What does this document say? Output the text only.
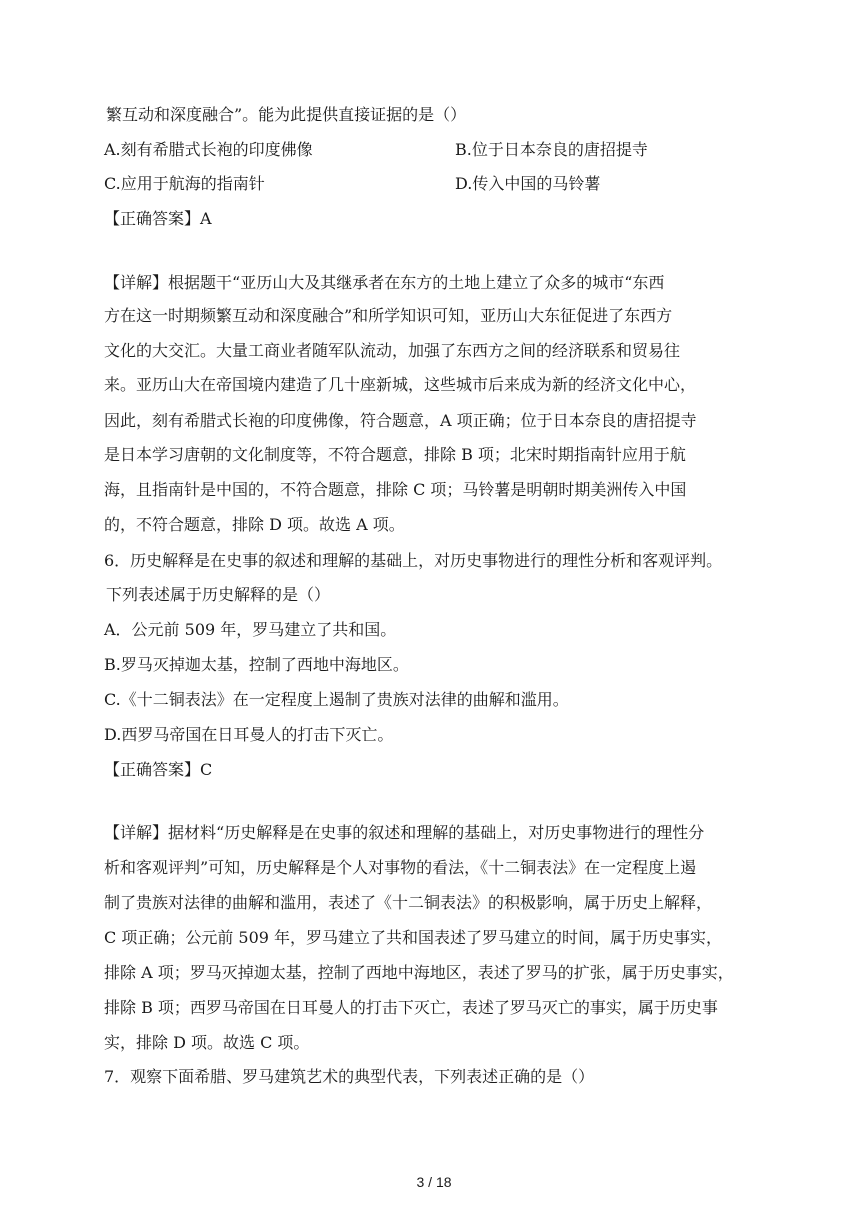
繁互动和深度融合”。能为此提供直接证据的是（）
A.刻有希腊式长袍的印度佛像	B.位于日本奈良的唐招提寺
C.应用于航海的指南针	D.传入中国的马铃薯
【正确答案】A
【详解】根据题干“亚历山大及其继承者在东方的土地上建立了众多的城市“东西
方在这一时期频繁互动和深度融合”和所学知识可知，亚历山大东征促进了东西方
文化的大交汇。大量工商业者随军队流动，加强了东西方之间的经济联系和贸易往
来。亚历山大在帝国境内建造了几十座新城，这些城市后来成为新的经济文化中心，
因此，刻有希腊式长袍的印度佛像，符合题意，A 项正确；位于日本奈良的唐招提寺
是日本学习唐朝的文化制度等，不符合题意，排除 B 项；北宋时期指南针应用于航
海，且指南针是中国的，不符合题意，排除 C 项；马铃薯是明朝时期美洲传入中国
的，不符合题意，排除 D 项。故选 A 项。
6．历史解释是在史事的叙述和理解的基础上，对历史事物进行的理性分析和客观评判。
下列表述属于历史解释的是（）
A．公元前 509 年，罗马建立了共和国。
B.罗马灭掉迦太基，控制了西地中海地区。
C.《十二铜表法》在一定程度上遏制了贵族对法律的曲解和滥用。
D.西罗马帝国在日耳曼人的打击下灭亡。
【正确答案】C
【详解】据材料“历史解释是在史事的叙述和理解的基础上，对历史事物进行的理性分
析和客观评判”可知，历史解释是个人对事物的看法，《十二铜表法》在一定程度上遏
制了贵族对法律的曲解和滥用，表述了《十二铜表法》的积极影响，属于历史上解释，
C 项正确；公元前 509 年，罗马建立了共和国表述了罗马建立的时间，属于历史事实，
排除 A 项；罗马灭掉迦太基，控制了西地中海地区，表述了罗马的扩张，属于历史事实，
排除 B 项；西罗马帝国在日耳曼人的打击下灭亡，表述了罗马灭亡的事实，属于历史事
实，排除 D 项。故选 C 项。
7．观察下面希腊、罗马建筑艺术的典型代表，下列表述正确的是（）
3 / 18
